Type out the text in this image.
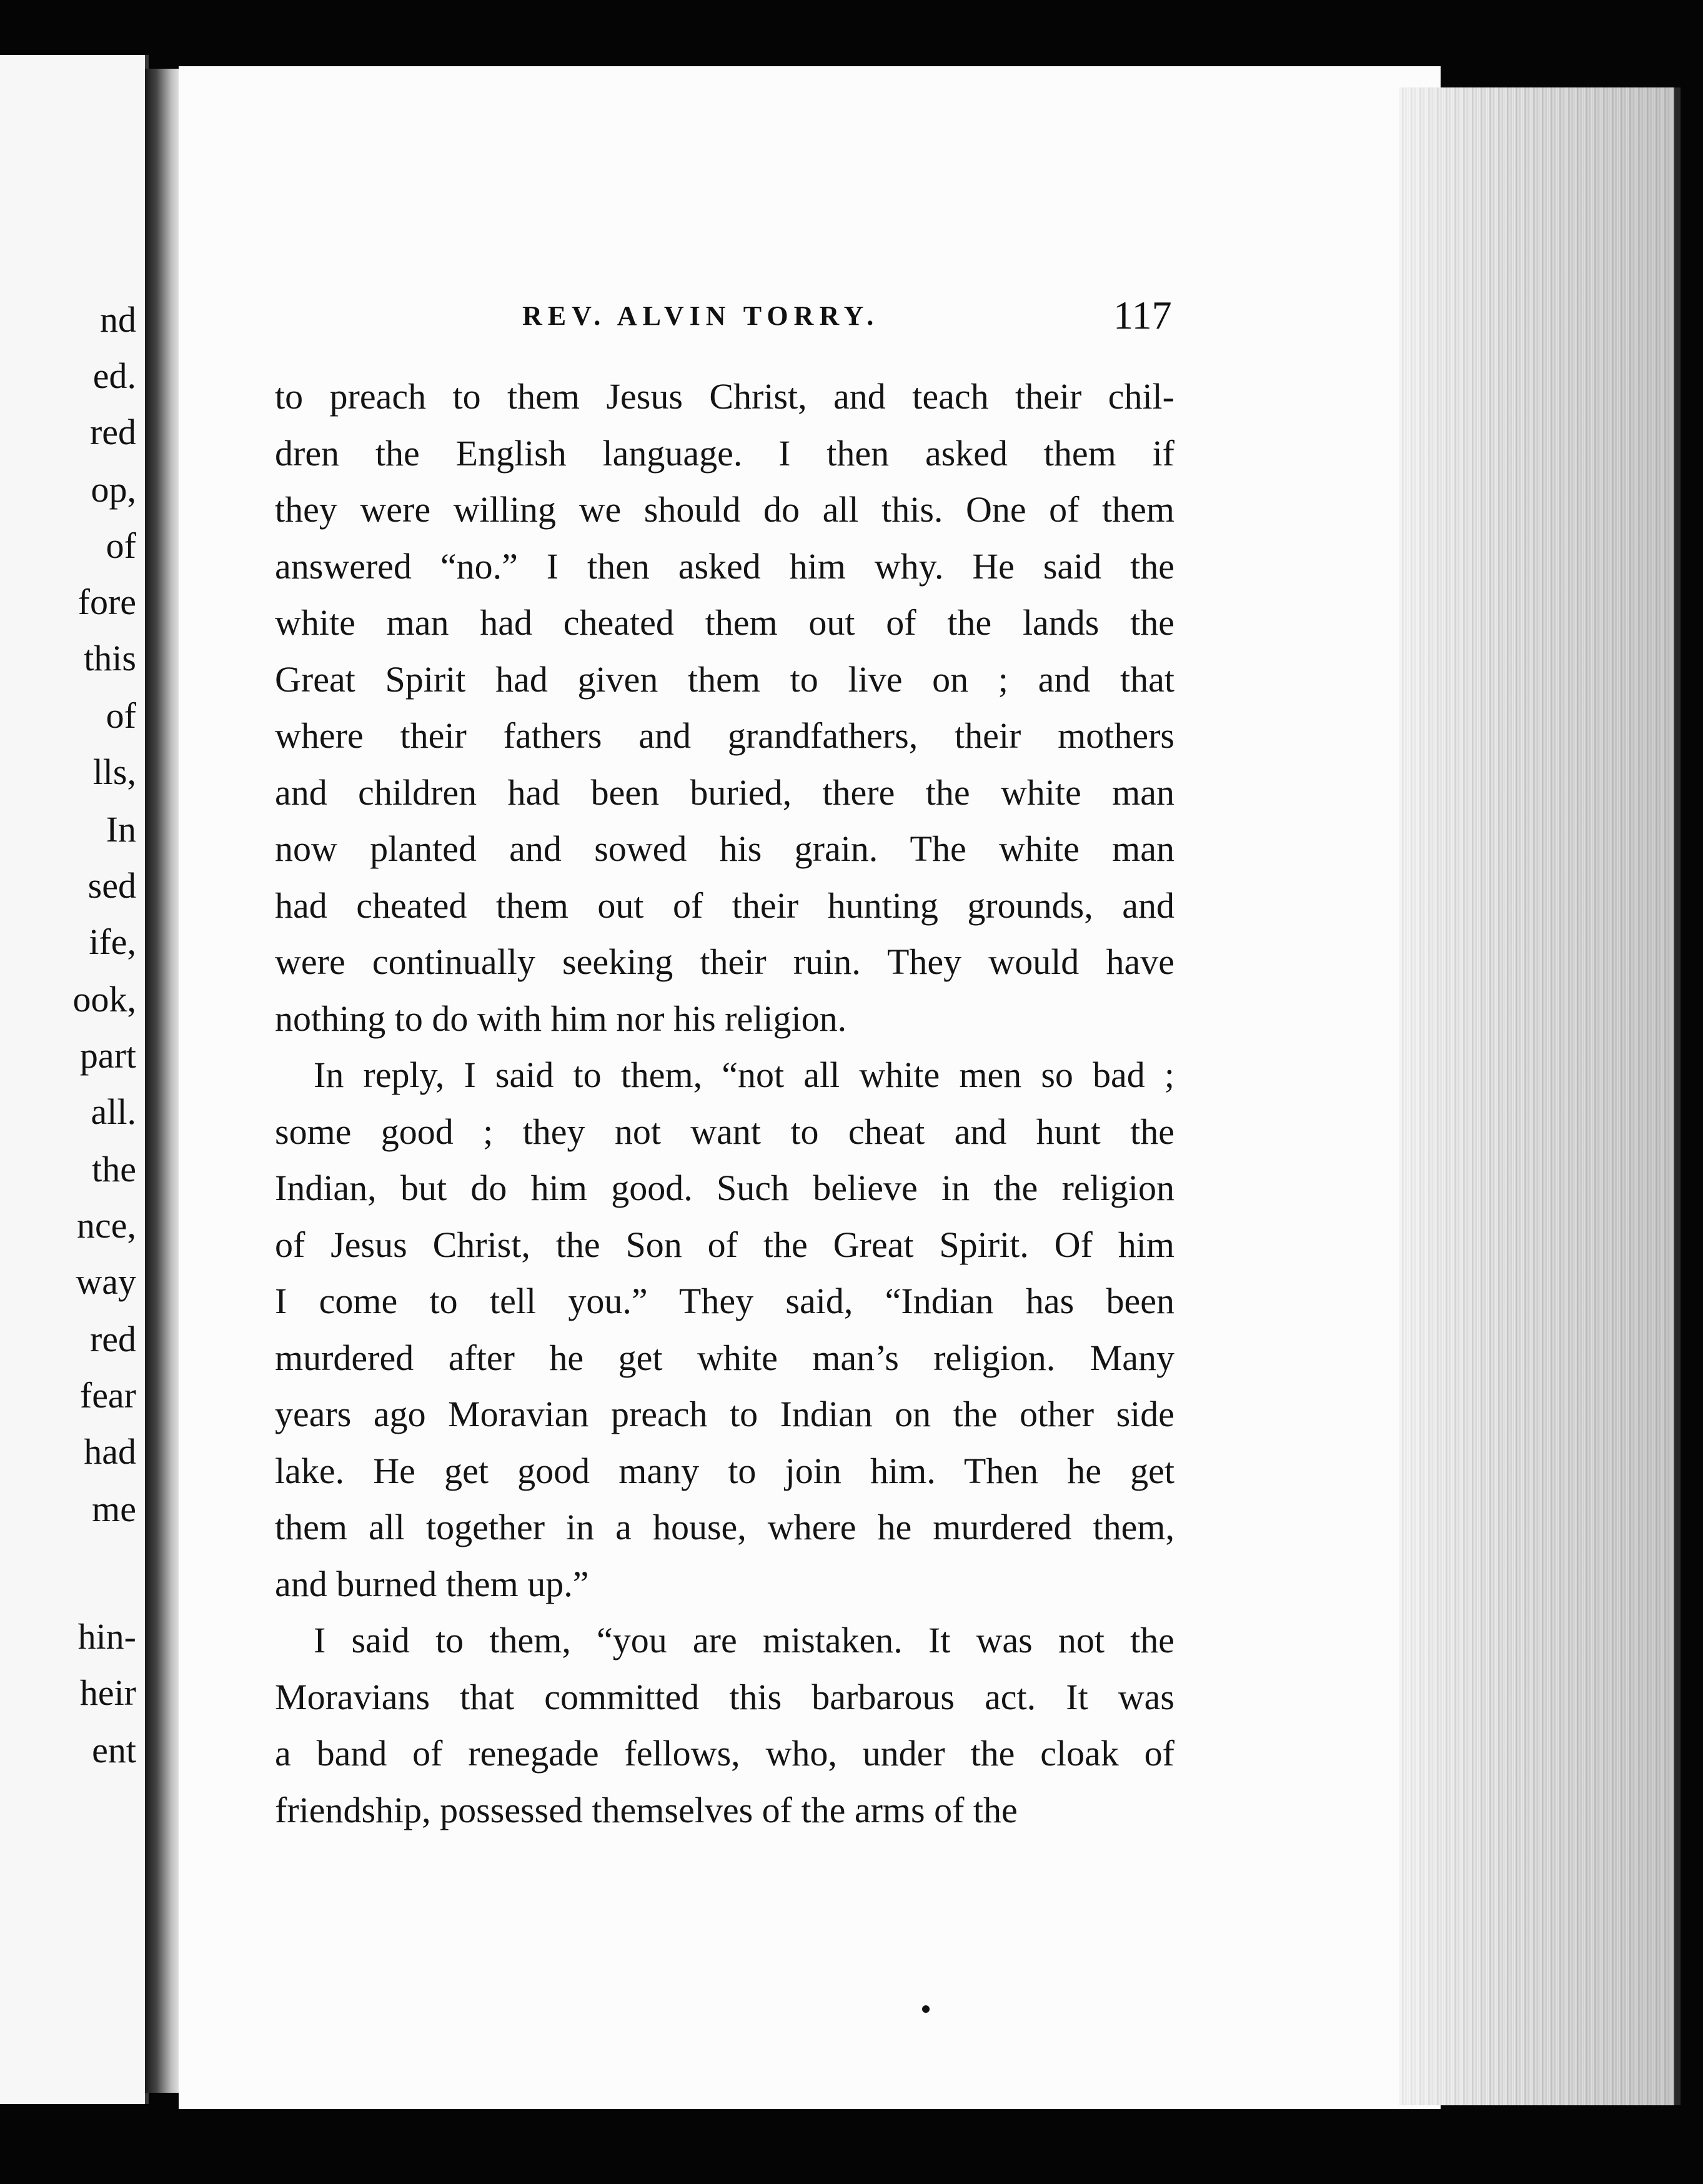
nd
ed.
red
op,
of
fore
this
of
lls,
In
sed
ife,
ook,
part
all.
the
nce,
way
red
fear
had
me
hin-
heir
ent
REV. ALVIN TORRY.	117
to preach to them Jesus Christ, and teach their chil-
dren the English language. I then asked them if
they were willing we should do all this. One of them
answered “no.” I then asked him why. He said the
white man had cheated them out of the lands the
Great Spirit had given them to live on ; and that
where their fathers and grandfathers, their mothers
and children had been buried, there the white man
now planted and sowed his grain. The white man
had cheated them out of their hunting grounds, and
were continually seeking their ruin. They would have
nothing to do with him nor his religion.
In reply, I said to them, “not all white men so bad ;
some good ; they not want to cheat and hunt the
Indian, but do him good. Such believe in the religion
of Jesus Christ, the Son of the Great Spirit. Of him
I come to tell you.” They said, “Indian has been
murdered after he get white man’s religion. Many
years ago Moravian preach to Indian on the other side
lake. He get good many to join him. Then he get
them all together in a house, where he murdered them,
and burned them up.”
I said to them, “you are mistaken. It was not the
Moravians that committed this barbarous act. It was
a band of renegade fellows, who, under the cloak of
friendship, possessed themselves of the arms of the
